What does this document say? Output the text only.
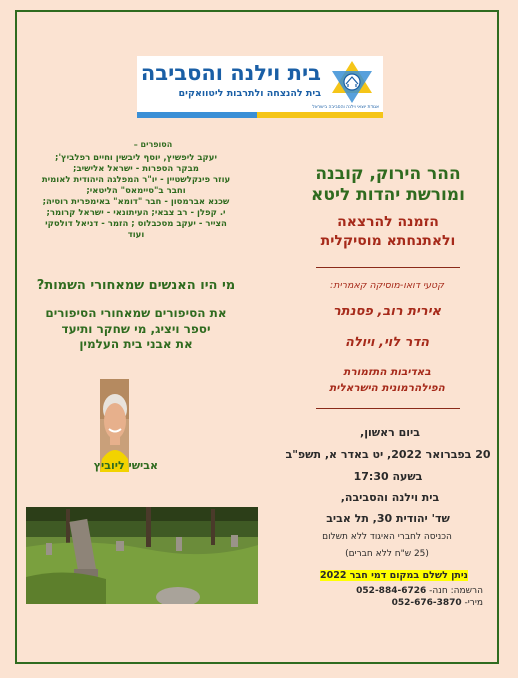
בית וילנה והסביבה
בית להנצחה ולתרבות ליטוואקים
אגודת יוצאי וילנה והסביבה בישראל
ההר הירוק, קובנה
ומורשת יהדות ליטא
הזמנה להרצאה
ולאתנחתא מוסיקלית
קטעי דואו-מוסיקה קאמרית:
אירית רוב, פסנתר
הדר לוי, ויולה
באדיבות התזמורת
הפילהרמונית הישראלית
ביום ראשון,
20 בפברואר 2022, יט באדר א, תשפ"ב
בשעה 17:30
בית וילנה והסביבה,
שד' יהודית 30, תל אביב
הכניסה לחברי האיגוד ללא תשלום
(25 ש"ח ללא חברים)
ניתן לשלם במקום דמי חבר 2022
הרשמה: חנה- 052-884-6726
מירי- 052-676-3870
הסופרים –
יעקב ליפשיץ, יוסף ליבשין וחיים רפלביץ';
מבקר הספרות - ישראל אלישיב;
עוזר פינקלשטיין - יו"ר המפלגה היהודית לאומית
וחבר ב"סיימאס" הליטאי;
שכנא אברמסון - חבר "דומא" באימפרית רוסיה;
י. קפלן - רב צבאי; העיתונאי - ישראל קרומר;
הצייר - יעקב מסכבלוס ; הזמר - דניאל דולסקי
ועוד
מי היו האנשים שמאחורי השמות?
את הסיפורים שמאחורי הסיפורים
יספר ויציג, מי שחקר ותיעד
את אבני בית העלמין
אבישי ליוביץ
